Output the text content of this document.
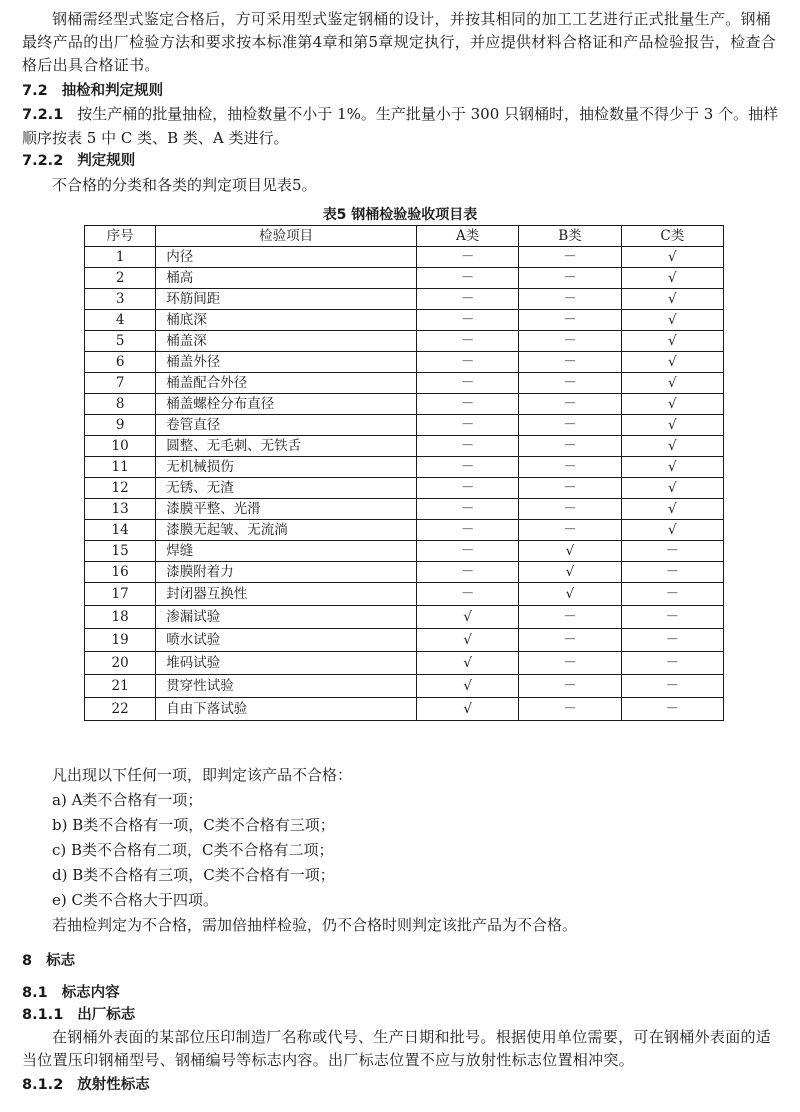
钢桶需经型式鉴定合格后，方可采用型式鉴定钢桶的设计，并按其相同的加工工艺进行正式批量生产。钢桶最终产品的出厂检验方法和要求按本标准第4章和第5章规定执行，并应提供材料合格证和产品检验报告，检查合格后出具合格证书。

7.2 抽检和判定规则
7.2.1 按生产桶的批量抽检，抽检数量不小于 1%。生产批量小于 300 只钢桶时，抽检数量不得少于 3 个。抽样顺序按表 5 中 C 类、B 类、A 类进行。
7.2.2 判定规则
不合格的分类和各类的判定项目见表5。
表5 钢桶检验验收项目表
序号	检验项目	A类	B类	C类
1	内径	－	－	√
2	桶高	－	－	√
3	环筋间距	－	－	√
4	桶底深	－	－	√
5	桶盖深	－	－	√
6	桶盖外径	－	－	√
7	桶盖配合外径	－	－	√
8	桶盖螺栓分布直径	－	－	√
9	卷管直径	－	－	√
10	圆整、无毛刺、无铁舌	－	－	√
11	无机械损伤	－	－	√
12	无锈、无渣	－	－	√
13	漆膜平整、光滑	－	－	√
14	漆膜无起皱、无流淌	－	－	√
15	焊缝	－	√	－
16	漆膜附着力	－	√	－
17	封闭器互换性	－	√	－
18	渗漏试验	√	－	－
19	喷水试验	√	－	－
20	堆码试验	√	－	－
21	贯穿性试验	√	－	－
22	自由下落试验	√	－	－
凡出现以下任何一项，即判定该产品不合格：
a) A类不合格有一项；
b) B类不合格有一项，C类不合格有三项；
c) B类不合格有二项，C类不合格有二项；
d) B类不合格有三项，C类不合格有一项；
e) C类不合格大于四项。
若抽检判定为不合格，需加倍抽样检验，仍不合格时则判定该批产品为不合格。
8 标志
8.1 标志内容
8.1.1 出厂标志

在钢桶外表面的某部位压印制造厂名称或代号、生产日期和批号。根据使用单位需要，可在钢桶外表面的适当位置压印钢桶型号、钢桶编号等标志内容。出厂标志位置不应与放射性标志位置相冲突。

8.1.2 放射性标志
